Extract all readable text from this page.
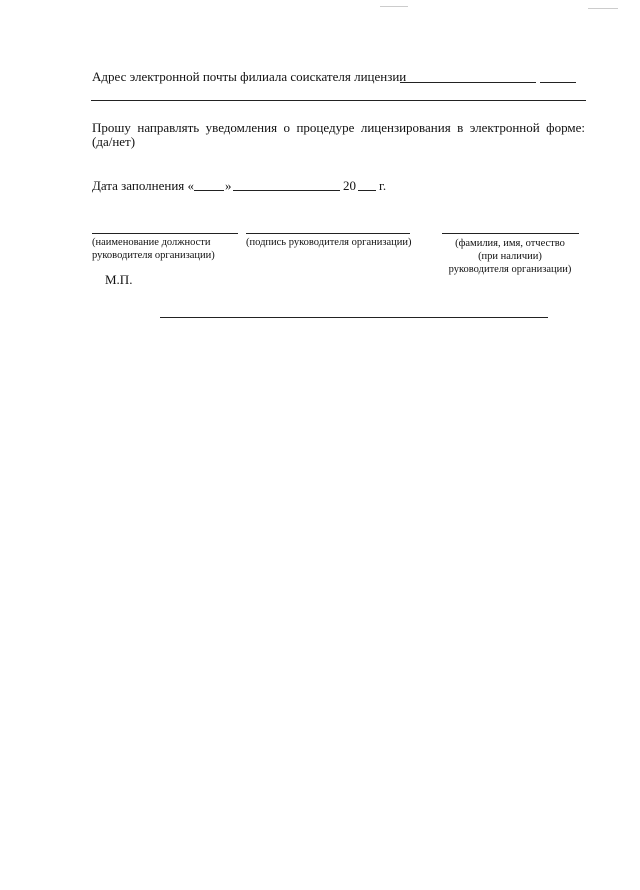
Адрес электронной почты филиала соискателя лицензии
Прошу направлять уведомления о процедуре лицензирования в электронной форме:
(да/нет)
Дата заполнения « »	20 г.
(наименование должности
руководителя организации)
(подпись руководителя организации)	(фамилия, имя, отчество
(при наличии)
руководителя организации)
М.П.
